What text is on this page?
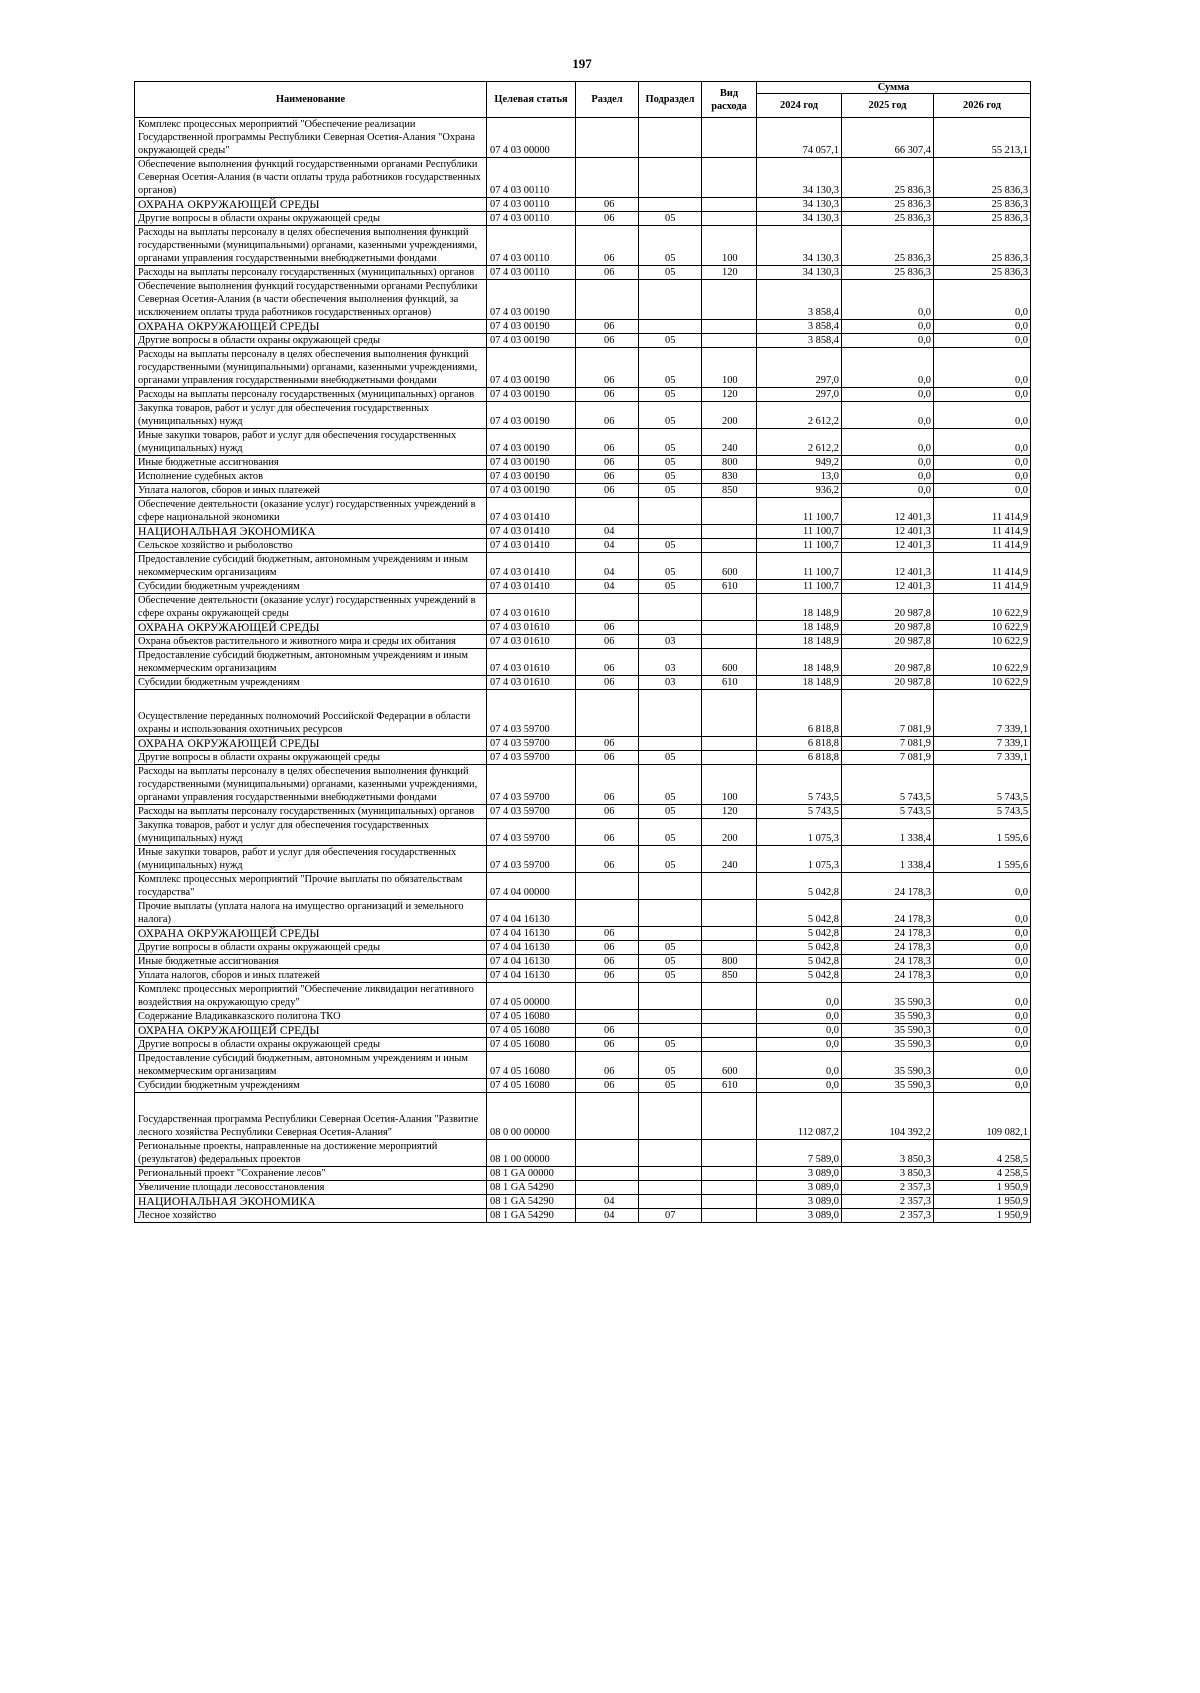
197
Наименование	Целевая статья	Раздел	Подраздел	Вид расхода	Сумма		
					2024 год	2025 год	2026 год
Комплекс процессных мероприятий "Обеспечение реализации Государственной программы Республики Северная Осетия-Алания "Охрана окружающей среды"	07 4 03 00000				74 057,1	66 307,4	55 213,1
Обеспечение выполнения функций государственными органами Республики Северная Осетия-Алания (в части оплаты труда работников государственных органов)	07 4 03 00110				34 130,3	25 836,3	25 836,3
ОХРАНА ОКРУЖАЮЩЕЙ СРЕДЫ	07 4 03 00110	06			34 130,3	25 836,3	25 836,3
Другие вопросы в области охраны окружающей среды	07 4 03 00110	06	05		34 130,3	25 836,3	25 836,3
Расходы на выплаты персоналу в целях обеспечения выполнения функций государственными (муниципальными) органами, казенными учреждениями, органами управления государственными внебюджетными фондами	07 4 03 00110	06	05	100	34 130,3	25 836,3	25 836,3
Расходы на выплаты персоналу государственных (муниципальных) органов	07 4 03 00110	06	05	120	34 130,3	25 836,3	25 836,3
Обеспечение выполнения функций государственными органами Республики Северная Осетия-Алания (в части обеспечения выполнения функций, за исключением оплаты труда работников государственных органов)	07 4 03 00190				3 858,4	0,0	0,0
ОХРАНА ОКРУЖАЮЩЕЙ СРЕДЫ	07 4 03 00190	06			3 858,4	0,0	0,0
Другие вопросы в области охраны окружающей среды	07 4 03 00190	06	05		3 858,4	0,0	0,0
Расходы на выплаты персоналу в целях обеспечения выполнения функций государственными (муниципальными) органами, казенными учреждениями, органами управления государственными внебюджетными фондами	07 4 03 00190	06	05	100	297,0	0,0	0,0
Расходы на выплаты персоналу государственных (муниципальных) органов	07 4 03 00190	06	05	120	297,0	0,0	0,0
Закупка товаров, работ и услуг для обеспечения государственных (муниципальных) нужд	07 4 03 00190	06	05	200	2 612,2	0,0	0,0
Иные закупки товаров, работ и услуг для обеспечения государственных (муниципальных) нужд	07 4 03 00190	06	05	240	2 612,2	0,0	0,0
Иные бюджетные ассигнования	07 4 03 00190	06	05	800	949,2	0,0	0,0
Исполнение судебных актов	07 4 03 00190	06	05	830	13,0	0,0	0,0
Уплата налогов, сборов и иных платежей	07 4 03 00190	06	05	850	936,2	0,0	0,0
Обеспечение деятельности (оказание услуг) государственных учреждений в сфере национальной экономики	07 4 03 01410				11 100,7	12 401,3	11 414,9
НАЦИОНАЛЬНАЯ ЭКОНОМИКА	07 4 03 01410	04			11 100,7	12 401,3	11 414,9
Сельское хозяйство и рыболовство	07 4 03 01410	04	05		11 100,7	12 401,3	11 414,9
Предоставление субсидий бюджетным, автономным учреждениям и иным некоммерческим организациям	07 4 03 01410	04	05	600	11 100,7	12 401,3	11 414,9
Субсидии бюджетным учреждениям	07 4 03 01410	04	05	610	11 100,7	12 401,3	11 414,9
Обеспечение деятельности (оказание услуг) государственных учреждений в сфере охраны окружающей среды	07 4 03 01610				18 148,9	20 987,8	10 622,9
ОХРАНА ОКРУЖАЮЩЕЙ СРЕДЫ	07 4 03 01610	06			18 148,9	20 987,8	10 622,9
Охрана объектов растительного и животного мира и среды их обитания	07 4 03 01610	06	03		18 148,9	20 987,8	10 622,9
Предоставление субсидий бюджетным, автономным учреждениям и иным некоммерческим организациям	07 4 03 01610	06	03	600	18 148,9	20 987,8	10 622,9
Субсидии бюджетным учреждениям	07 4 03 01610	06	03	610	18 148,9	20 987,8	10 622,9
Осуществление переданных полномочий Российской Федерации в области охраны и использования охотничьих ресурсов	07 4 03 59700				6 818,8	7 081,9	7 339,1
ОХРАНА ОКРУЖАЮЩЕЙ СРЕДЫ	07 4 03 59700	06			6 818,8	7 081,9	7 339,1
Другие вопросы в области охраны окружающей среды	07 4 03 59700	06	05		6 818,8	7 081,9	7 339,1
Расходы на выплаты персоналу в целях обеспечения выполнения функций государственными (муниципальными) органами, казенными учреждениями, органами управления государственными внебюджетными фондами	07 4 03 59700	06	05	100	5 743,5	5 743,5	5 743,5
Расходы на выплаты персоналу государственных (муниципальных) органов	07 4 03 59700	06	05	120	5 743,5	5 743,5	5 743,5
Закупка товаров, работ и услуг для обеспечения государственных (муниципальных) нужд	07 4 03 59700	06	05	200	1 075,3	1 338,4	1 595,6
Иные закупки товаров, работ и услуг для обеспечения государственных (муниципальных) нужд	07 4 03 59700	06	05	240	1 075,3	1 338,4	1 595,6
Комплекс процессных мероприятий "Прочие выплаты по обязательствам государства"	07 4 04 00000				5 042,8	24 178,3	0,0
Прочие выплаты (уплата налога на имущество организаций и земельного налога)	07 4 04 16130				5 042,8	24 178,3	0,0
ОХРАНА ОКРУЖАЮЩЕЙ СРЕДЫ	07 4 04 16130	06			5 042,8	24 178,3	0,0
Другие вопросы в области охраны окружающей среды	07 4 04 16130	06	05		5 042,8	24 178,3	0,0
Иные бюджетные ассигнования	07 4 04 16130	06	05	800	5 042,8	24 178,3	0,0
Уплата налогов, сборов и иных платежей	07 4 04 16130	06	05	850	5 042,8	24 178,3	0,0
Комплекс процессных мероприятий "Обеспечение ликвидации негативного воздействия на окружающую среду"	07 4 05 00000				0,0	35 590,3	0,0
Содержание Владикавказского полигона ТКО	07 4 05 16080				0,0	35 590,3	0,0
ОХРАНА ОКРУЖАЮЩЕЙ СРЕДЫ	07 4 05 16080	06			0,0	35 590,3	0,0
Другие вопросы в области охраны окружающей среды	07 4 05 16080	06	05		0,0	35 590,3	0,0
Предоставление субсидий бюджетным, автономным учреждениям и иным некоммерческим организациям	07 4 05 16080	06	05	600	0,0	35 590,3	0,0
Субсидии бюджетным учреждениям	07 4 05 16080	06	05	610	0,0	35 590,3	0,0
Государственная программа Республики Северная Осетия-Алания "Развитие лесного хозяйства Республики Северная Осетия-Алания"	08 0 00 00000				112 087,2	104 392,2	109 082,1
Региональные проекты, направленные на достижение мероприятий (результатов) федеральных проектов	08 1 00 00000				7 589,0	3 850,3	4 258,5
Региональный проект "Сохранение лесов"	08 1 GA 00000				3 089,0	3 850,3	4 258,5
Увеличение площади лесовосстановления	08 1 GA 54290				3 089,0	2 357,3	1 950,9
НАЦИОНАЛЬНАЯ ЭКОНОМИКА	08 1 GA 54290	04			3 089,0	2 357,3	1 950,9
Лесное хозяйство	08 1 GA 54290	04	07		3 089,0	2 357,3	1 950,9
